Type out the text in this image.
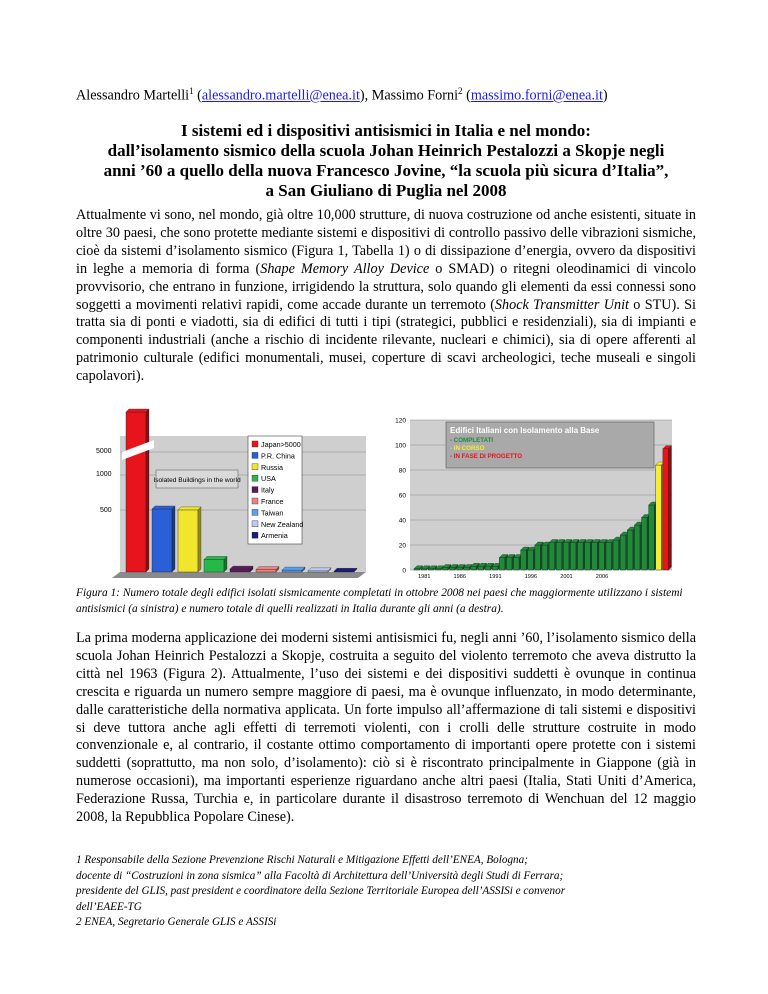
Alessandro Martelli$^1$ (alessandro.martelli@enea.it), Massimo Forni$^2$ (massimo.forni@enea.it)
I sistemi ed i dispositivi antisismici in Italia e nel mondo:
dall’isolamento sismico della scuola Johan Heinrich Pestalozzi a Skopje negli
anni ’60 a quello della nuova Francesco Jovine, “la scuola più sicura d’Italia”,
a San Giuliano di Puglia nel 2008
Attualmente vi sono, nel mondo, già oltre 10,000 strutture, di nuova costruzione od anche esistenti, situate in oltre 30 paesi, che sono protette mediante sistemi e dispositivi di controllo passivo delle vibrazioni sismiche, cioè da sistemi d’isolamento sismico (Figura 1, Tabella 1) o di dissipazione d’energia, ovvero da dispositivi in leghe a memoria di forma (Shape Memory Alloy Device o SMAD) o ritegni oleodinamici di vincolo provvisorio, che entrano in funzione, irrigidendo la struttura, solo quando gli elementi da essi connessi sono soggetti a movimenti relativi rapidi, come accade durante un terremoto (Shock Transmitter Unit o STU). Si tratta sia di ponti e viadotti, sia di edifici di tutti i tipi (strategici, pubblici e residenziali), sia di impianti e componenti industriali (anche a rischio di incidente rilevante, nucleari e chimici), sia di opere afferenti al patrimonio culturale (edifici monumentali, musei, coperture di scavi archeologici, teche museali e singoli capolavori).
5000
1000
500
Isolated Buildings in the world
Japan>5000
P.R. China
Russia
USA
Italy
France
Taiwan
New Zealand
Armenia
0
20
40
60
80
100
120
1981	1986	1991	1996	2001	2006
Edifici Italiani con Isolamento alla Base
- COMPLETATI
- IN CORSO
- IN FASE DI PROGETTO
Figura 1: Numero totale degli edifici isolati sismicamente completati in ottobre 2008 nei paesi che maggiormente utilizzano i sistemi antisismici (a sinistra) e numero totale di quelli realizzati in Italia durante gli anni (a destra).
La prima moderna applicazione dei moderni sistemi antisismici fu, negli anni ’60, l’isolamento sismico della scuola Johan Heinrich Pestalozzi a Skopje, costruita a seguito del violento terremoto che aveva distrutto la città nel 1963 (Figura 2). Attualmente, l’uso dei sistemi e dei dispositivi suddetti è ovunque in continua crescita e riguarda un numero sempre maggiore di paesi, ma è ovunque influenzato, in modo determinante, dalle caratteristiche della normativa applicata. Un forte impulso all’affermazione di tali sistemi e dispositivi si deve tuttora anche agli effetti di terremoti violenti, con i crolli delle strutture costruite in modo convenzionale e, al contrario, il costante ottimo comportamento di importanti opere protette con i sistemi suddetti (soprattutto, ma non solo, d’isolamento): ciò si è riscontrato principalmente in Giappone (già in numerose occasioni), ma importanti esperienze riguardano anche altri paesi (Italia, Stati Uniti d’America, Federazione Russa, Turchia e, in particolare durante il disastroso terremoto di Wenchuan del 12 maggio 2008, la Repubblica Popolare Cinese).
1 Responsabile della Sezione Prevenzione Rischi Naturali e Mitigazione Effetti dell’ENEA, Bologna;
docente di “Costruzioni in zona sismica” alla Facoltà di Architettura dell’Università degli Studi di Ferrara;
presidente del GLIS, past president e coordinatore della Sezione Territoriale Europea dell’ASSISi e convenor
dell’EAEE-TG
2 ENEA, Segretario Generale GLIS e ASSISi
